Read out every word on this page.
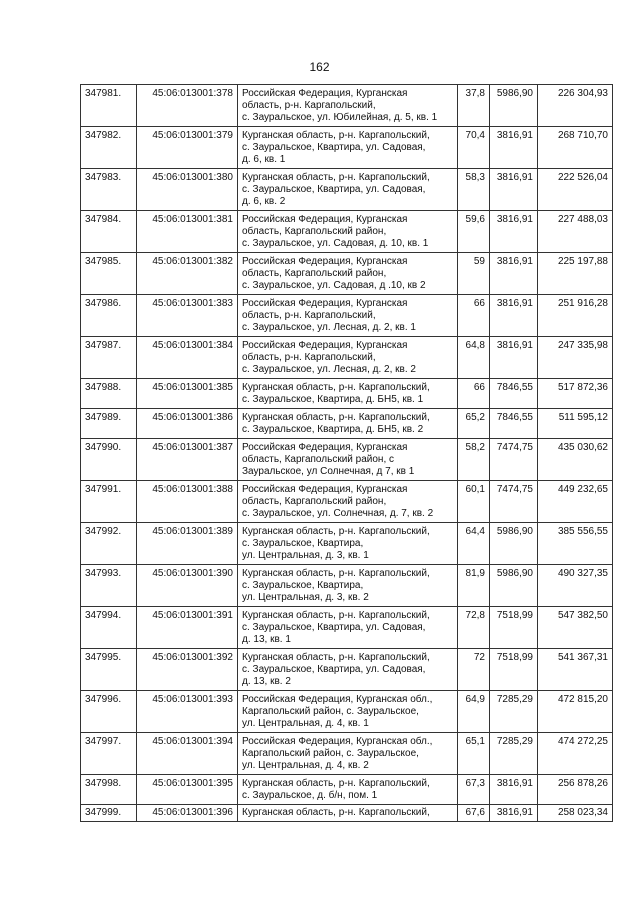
162
347981.	45:06:013001:378	Российская Федерация, Курганская
область, р-н. Каргапольский,
с. Зауральское, ул. Юбилейная, д. 5, кв. 1	37,8	5986,90	226 304,93
347982.	45:06:013001:379	Курганская область, р-н. Каргапольский,
с. Зауральское, Квартира, ул. Садовая,
д. 6, кв. 1	70,4	3816,91	268 710,70
347983.	45:06:013001:380	Курганская область, р-н. Каргапольский,
с. Зауральское, Квартира, ул. Садовая,
д. 6, кв. 2	58,3	3816,91	222 526,04
347984.	45:06:013001:381	Российская Федерация, Курганская
область, Каргапольский район,
с. Зауральское, ул. Садовая, д. 10, кв. 1	59,6	3816,91	227 488,03
347985.	45:06:013001:382	Российская Федерация, Курганская
область, Каргапольский район,
с. Зауральское, ул. Садовая, д .10, кв 2	59	3816,91	225 197,88
347986.	45:06:013001:383	Российская Федерация, Курганская
область, р-н. Каргапольский,
с. Зауральское, ул. Лесная, д. 2, кв. 1	66	3816,91	251 916,28
347987.	45:06:013001:384	Российская Федерация, Курганская
область, р-н. Каргапольский,
с. Зауральское, ул. Лесная, д. 2, кв. 2	64,8	3816,91	247 335,98
347988.	45:06:013001:385	Курганская область, р-н. Каргапольский,
с. Зауральское, Квартира, д. БН5, кв. 1	66	7846,55	517 872,36
347989.	45:06:013001:386	Курганская область, р-н. Каргапольский,
с. Зауральское, Квартира, д. БН5, кв. 2	65,2	7846,55	511 595,12
347990.	45:06:013001:387	Российская Федерация, Курганская
область, Каргапольский район, с
Зауральское, ул Солнечная, д 7, кв 1	58,2	7474,75	435 030,62
347991.	45:06:013001:388	Российская Федерация, Курганская
область, Каргапольский район,
с. Зауральское, ул. Солнечная, д. 7, кв. 2	60,1	7474,75	449 232,65
347992.	45:06:013001:389	Курганская область, р-н. Каргапольский,
с. Зауральское, Квартира,
ул. Центральная, д. 3, кв. 1	64,4	5986,90	385 556,55
347993.	45:06:013001:390	Курганская область, р-н. Каргапольский,
с. Зауральское, Квартира,
ул. Центральная, д. 3, кв. 2	81,9	5986,90	490 327,35
347994.	45:06:013001:391	Курганская область, р-н. Каргапольский,
с. Зауральское, Квартира, ул. Садовая,
д. 13, кв. 1	72,8	7518,99	547 382,50
347995.	45:06:013001:392	Курганская область, р-н. Каргапольский,
с. Зауральское, Квартира, ул. Садовая,
д. 13, кв. 2	72	7518,99	541 367,31
347996.	45:06:013001:393	Российская Федерация, Курганская обл.,
Каргапольский район, с. Зауральское,
ул. Центральная, д. 4, кв. 1	64,9	7285,29	472 815,20
347997.	45:06:013001:394	Российская Федерация, Курганская обл.,
Каргапольский район, с. Зауральское,
ул. Центральная, д. 4, кв. 2	65,1	7285,29	474 272,25
347998.	45:06:013001:395	Курганская область, р-н. Каргапольский,
с. Зауральское, д. б/н, пом. 1	67,3	3816,91	256 878,26
347999.	45:06:013001:396	Курганская область, р-н. Каргапольский,	67,6	3816,91	258 023,34
